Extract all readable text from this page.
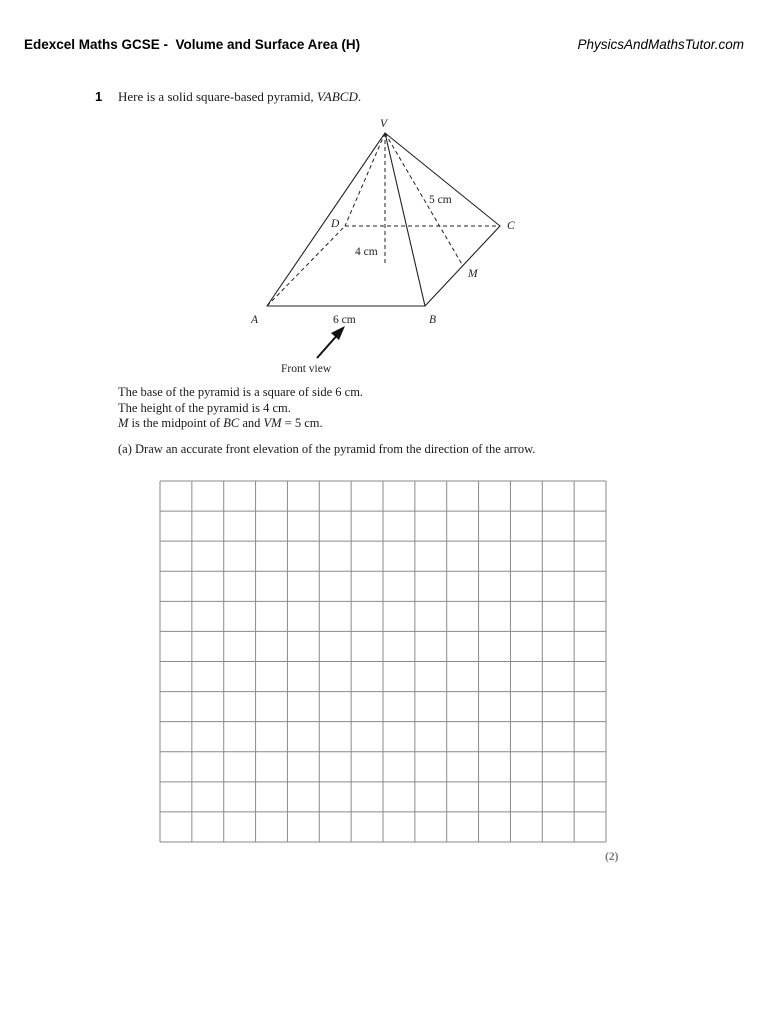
Edexcel Maths GCSE -  Volume and Surface Area (H)	PhysicsAndMathsTutor.com
1 Here is a solid square-based pyramid, VABCD.
V
D	C
M
A	B
5 cm
4 cm
6 cm
Front view
The base of the pyramid is a square of side 6 cm.
The height of the pyramid is 4 cm.
M is the midpoint of BC and VM = 5 cm.
(a) Draw an accurate front elevation of the pyramid from the direction of the arrow.
(2)
